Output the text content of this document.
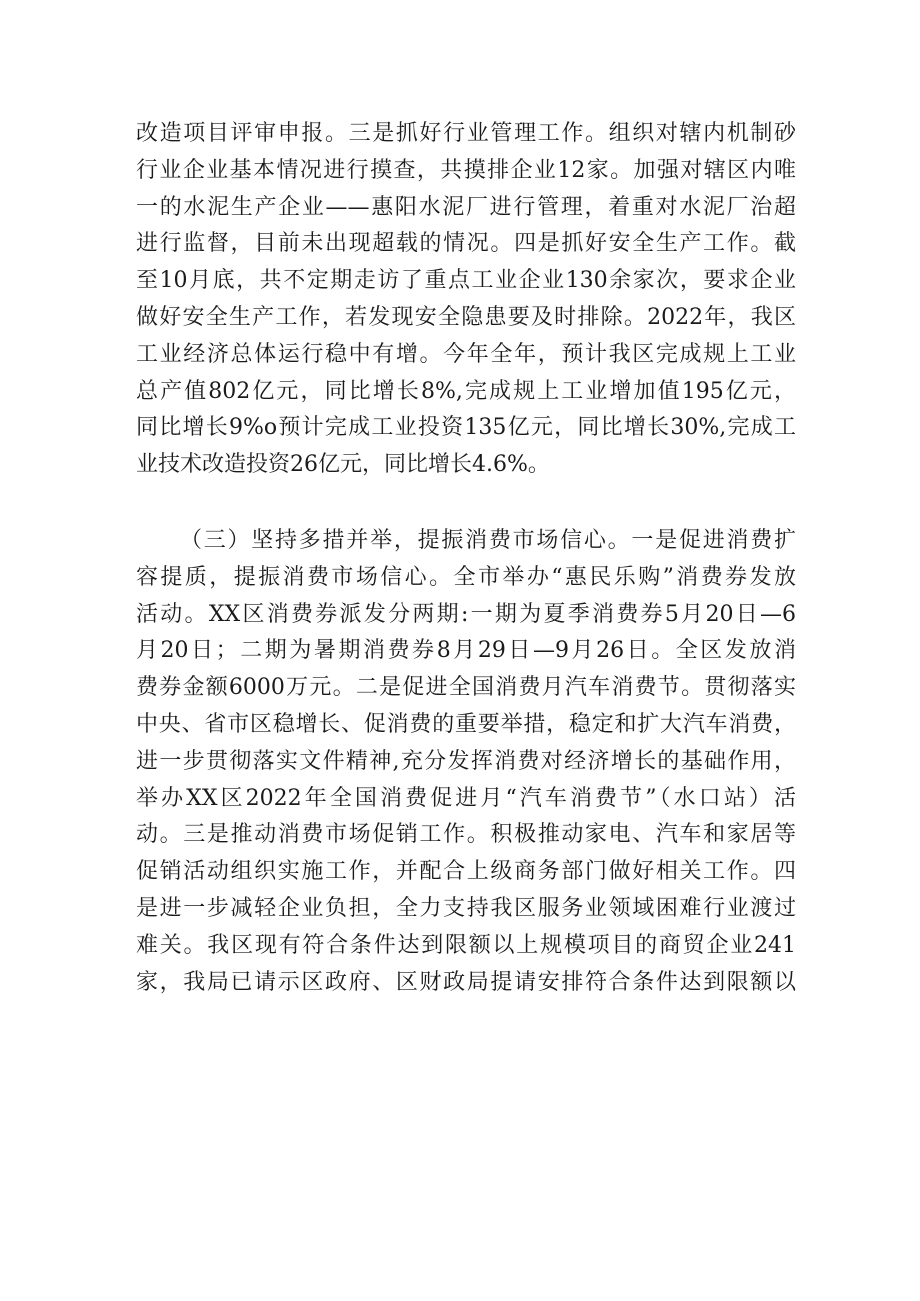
改造项目评审申报。三是抓好行业管理工作。组织对辖内机制砂
行业企业基本情况进行摸查，共摸排企业12家。加强对辖区内唯
一的水泥生产企业——惠阳水泥厂进行管理，着重对水泥厂治超
进行监督，目前未出现超载的情况。四是抓好安全生产工作。截
至10月底，共不定期走访了重点工业企业130余家次，要求企业
做好安全生产工作，若发现安全隐患要及时排除。2022年，我区
工业经济总体运行稳中有增。今年全年，预计我区完成规上工业
总产值802亿元，同比增长8%,完成规上工业增加值195亿元，
同比增长9%o预计完成工业投资135亿元，同比增长30%,完成工
业技术改造投资26亿元，同比增长4.6%。
（三）坚持多措并举，提振消费市场信心。一是促进消费扩
容提质，提振消费市场信心。全市举办“惠民乐购”消费券发放
活动。XX区消费券派发分两期:一期为夏季消费券5月20日—6
月20日；二期为暑期消费券8月29日—9月26日。全区发放消
费券金额6000万元。二是促进全国消费月汽车消费节。贯彻落实
中央、省市区稳增长、促消费的重要举措，稳定和扩大汽车消费，
进一步贯彻落实文件精神,充分发挥消费对经济增长的基础作用，
举办XX区2022年全国消费促进月“汽车消费节”（水口站）活
动。三是推动消费市场促销工作。积极推动家电、汽车和家居等
促销活动组织实施工作，并配合上级商务部门做好相关工作。四
是进一步减轻企业负担，全力支持我区服务业领域困难行业渡过
难关。我区现有符合条件达到限额以上规模项目的商贸企业241
家，我局已请示区政府、区财政局提请安排符合条件达到限额以
